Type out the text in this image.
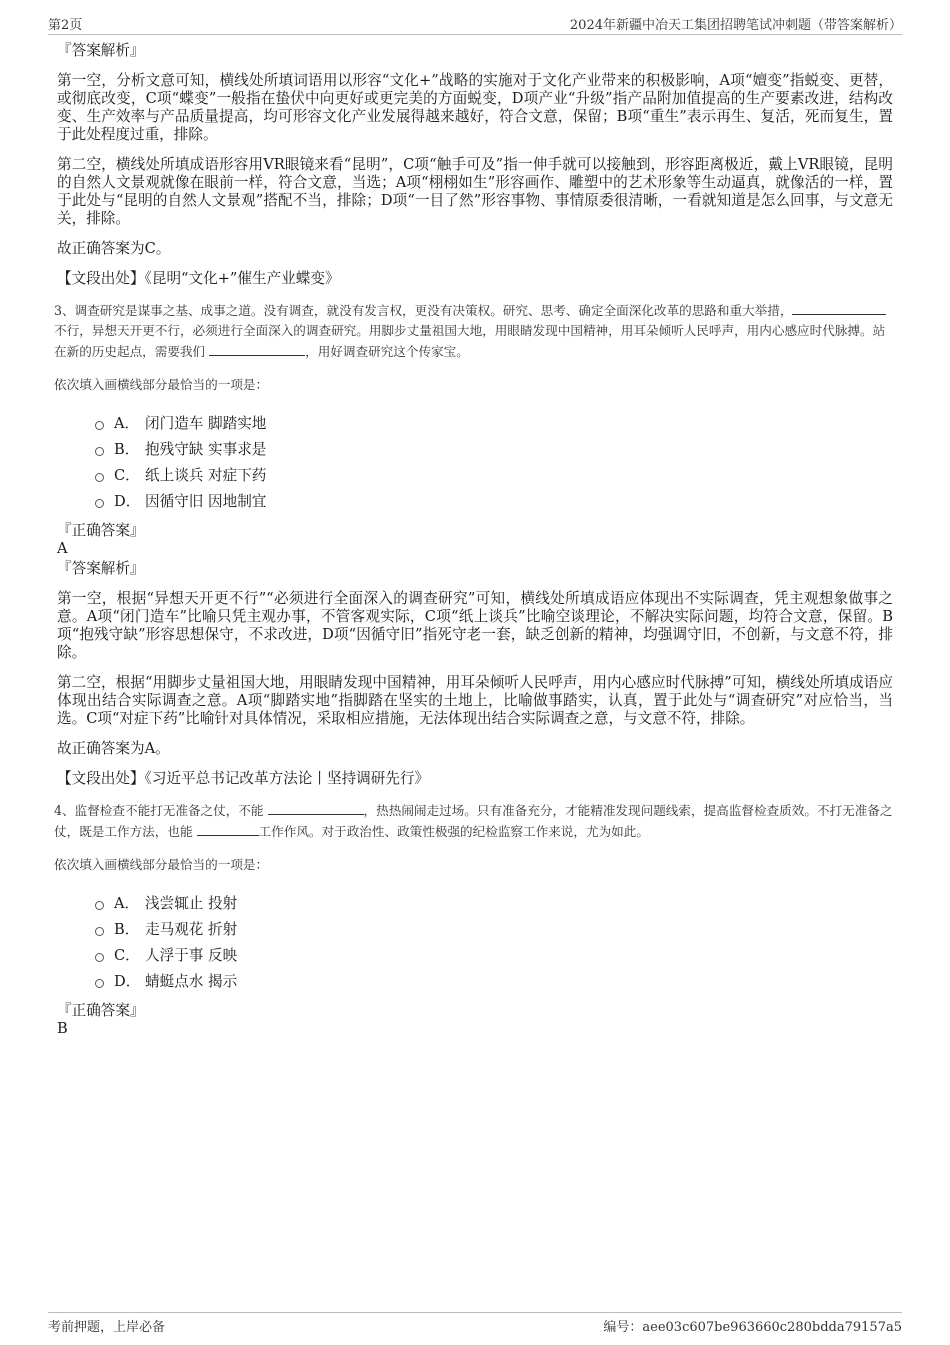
第2页	2024年新疆中冶天工集团招聘笔试冲刺题（带答案解析）
『答案解析』

第一空，分析文意可知，横线处所填词语用以形容“文化+”战略的实施对于文化产业带来的积极影响，A项“嬗变”指蜕变、更替，或彻底改变，C项“蝶变”一般指在蛰伏中向更好或更完美的方面蜕变，D项产业“升级”指产品附加值提高的生产要素改进，结构改变、生产效率与产品质量提高，均可形容文化产业发展得越来越好，符合文意，保留；B项“重生”表示再生、复活，死而复生，置于此处程度过重，排除。

第二空，横线处所填成语形容用VR眼镜来看“昆明”，C项“触手可及”指一伸手就可以接触到，形容距离极近，戴上VR眼镜，昆明的自然人文景观就像在眼前一样，符合文意，当选；A项“栩栩如生”形容画作、雕塑中的艺术形象等生动逼真，就像活的一样，置于此处与“昆明的自然人文景观”搭配不当，排除；D项“一目了然”形容事物、事情原委很清晰，一看就知道是怎么回事，与文意无关，排除。

故正确答案为C。

【文段出处】《昆明“文化+”催生产业蝶变》

3、调查研究是谋事之基、成事之道。没有调查，就没有发言权，更没有决策权。研究、思考、确定全面深化改革的思路和重大举措，不行，异想天开更不行，必须进行全面深入的调查研究。用脚步丈量祖国大地，用眼睛发现中国精神，用耳朵倾听人民呼声，用内心感应时代脉搏。站在新的历史起点，需要我们	，用好调查研究这个传家宝。
依次填入画横线部分最恰当的一项是：
A． 闭门造车 脚踏实地
B． 抱残守缺 实事求是
C． 纸上谈兵 对症下药
D． 因循守旧 因地制宜
『正确答案』
A
『答案解析』

第一空，根据“异想天开更不行”“必须进行全面深入的调查研究”可知，横线处所填成语应体现出不实际调查，凭主观想象做事之意。A项“闭门造车”比喻只凭主观办事，不管客观实际，C项“纸上谈兵”比喻空谈理论，不解决实际问题，均符合文意，保留。B项“抱残守缺”形容思想保守，不求改进，D项“因循守旧”指死守老一套，缺乏创新的精神，均强调守旧，不创新，与文意不符，排除。

第二空，根据“用脚步丈量祖国大地，用眼睛发现中国精神，用耳朵倾听人民呼声，用内心感应时代脉搏”可知，横线处所填成语应体现出结合实际调查之意。A项“脚踏实地”指脚踏在坚实的土地上，比喻做事踏实，认真，置于此处与“调查研究”对应恰当，当选。C项“对症下药”比喻针对具体情况，采取相应措施，无法体现出结合实际调查之意，与文意不符，排除。

故正确答案为A。

【文段出处】《习近平总书记改革方法论丨坚持调研先行》

4、监督检查不能打无准备之仗，不能	，热热闹闹走过场。只有准备充分，才能精准发现问题线索，提高监督检查质效。不打无准备之仗，既是工作方法，也能	工作作风。对于政治性、政策性极强的纪检监察工作来说，尤为如此。
依次填入画横线部分最恰当的一项是：
A． 浅尝辄止 投射
B． 走马观花 折射
C． 人浮于事 反映
D． 蜻蜓点水 揭示
『正确答案』
B
考前押题，上岸必备	编号：aee03c607be963660c280bdda79157a5
